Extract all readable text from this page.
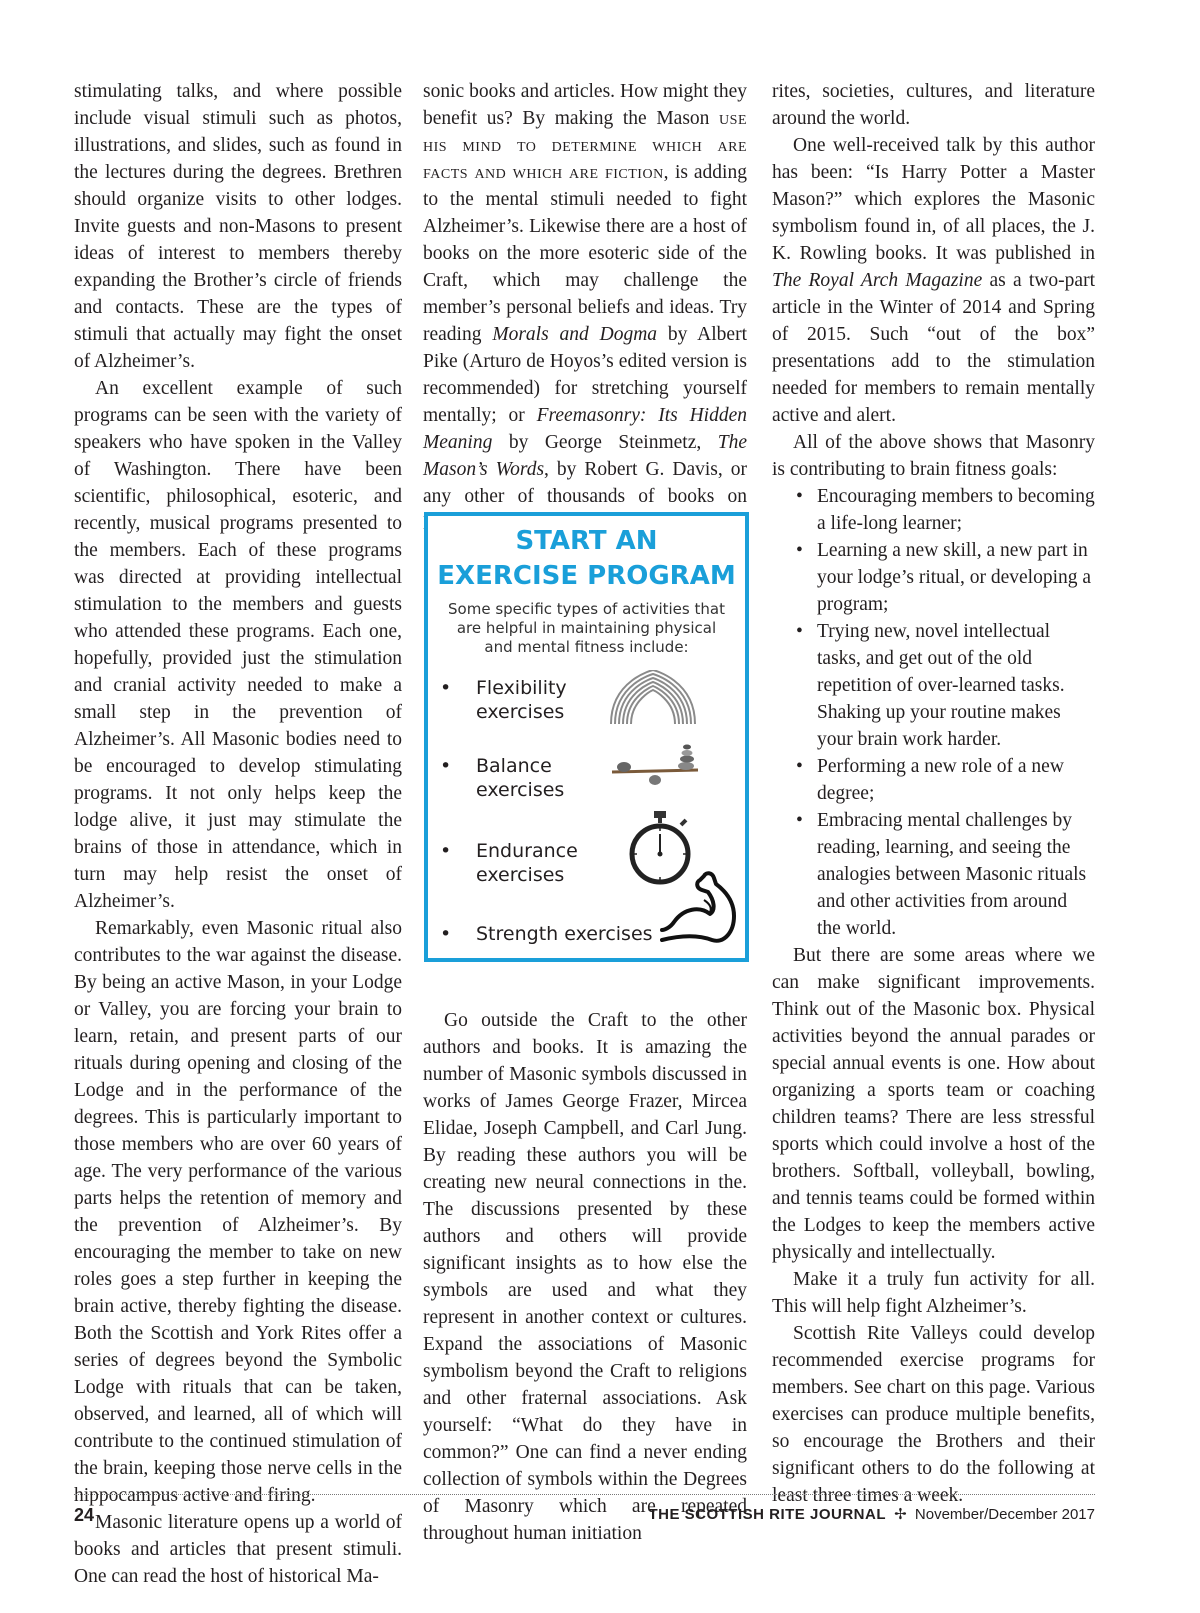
stimulating talks, and where possible include visual stimuli such as photos, illustrations, and slides, such as found in the lectures during the degrees. Brethren should organize visits to other lodges. Invite guests and non-Masons to present ideas of interest to members thereby expanding the Brother’s circle of friends and contacts. These are the types of stimuli that actually may fight the onset of Alzheimer’s.

An excellent example of such programs can be seen with the variety of speakers who have spoken in the Valley of Washington. There have been scientific, philosophical, esoteric, and recently, musical programs presented to the members. Each of these programs was directed at providing intellectual stimulation to the members and guests who attended these programs. Each one, hopefully, provided just the stimulation and cranial activity needed to make a small step in the prevention of Alzheimer’s. All Masonic bodies need to be encouraged to develop stimulating programs. It not only helps keep the lodge alive, it just may stimulate the brains of those in attendance, which in turn may help resist the onset of Alzheimer’s.

Remarkably, even Masonic ritual also contributes to the war against the disease. By being an active Mason, in your Lodge or Valley, you are forcing your brain to learn, retain, and present parts of our rituals during opening and closing of the Lodge and in the performance of the degrees. This is particularly important to those members who are over 60 years of age. The very performance of the various parts helps the retention of memory and the prevention of Alzheimer’s. By encouraging the member to take on new roles goes a step further in keeping the brain active, thereby fighting the disease. Both the Scottish and York Rites offer a series of degrees beyond the Symbolic Lodge with rituals that can be taken, observed, and learned, all of which will contribute to the continued stimulation of the brain, keeping those nerve cells in the hippocampus active and firing.

Masonic literature opens up a world of books and articles that present stimuli. One can read the host of historical Ma-

sonic books and articles. How might they benefit us? By making the Mason use his mind to determine which are facts and which are fiction, is adding to the mental stimuli needed to fight Alzheimer’s. Likewise there are a host of books on the more esoteric side of the Craft, which may challenge the member’s personal beliefs and ideas. Try reading Morals and Dogma by Albert Pike (Arturo de Hoyos’s edited version is recommended) for stretching yourself mentally; or Freemasonry: Its Hidden Meaning by George Steinmetz, The Mason’s Words, by Robert G. Davis, or any other of thousands of books on

Go outside the Craft to the other authors and books. It is amazing the number of Masonic symbols discussed in works of James George Frazer, Mircea Elidae, Joseph Campbell, and Carl Jung. By reading these authors you will be creating new neural connections in the. The discussions presented by these authors and others will provide significant insights as to how else the symbols are used and what they represent in another context or cultures. Expand the associations of Masonic symbolism beyond the Craft to religions and other fraternal associations. Ask yourself: “What do they have in common?” One can find a never ending collection of symbols within the Degrees of Masonry which are repeated throughout human initiation

rites, societies, cultures, and literature around the world.

One well-received talk by this author has been: “Is Harry Potter a Master Mason?” which explores the Masonic symbolism found in, of all places, the J. K. Rowling books. It was published in The Royal Arch Magazine as a two-part article in the Winter of 2014 and Spring of 2015. Such “out of the box” presentations add to the stimulation needed for members to remain mentally active and alert.

All of the above shows that Masonry is contributing to brain fitness goals:

• Encouraging members to becoming a life-long learner;
• Learning a new skill, a new part in your lodge’s ritual, or developing a program;
• Trying new, novel intellectual tasks, and get out of the old repetition of over-learned tasks. Shaking up your routine makes your brain work harder.
• Performing a new role of a new degree;
• Embracing mental challenges by reading, learning, and seeing the analogies between Masonic rituals and other activities from around the world.

But there are some areas where we can make significant improvements. Think out of the Masonic box. Physical activities beyond the annual parades or special annual events is one. How about organizing a sports team or coaching children teams? There are less stressful sports which could involve a host of the brothers. Softball, volleyball, bowling, and tennis teams could be formed within the Lodges to keep the members active physically and intellectually.

Make it a truly fun activity for all. This will help fight Alzheimer’s.

Scottish Rite Valleys could develop recommended exercise programs for members. See chart on this page. Various exercises can produce multiple benefits, so encourage the Brothers and their significant others to do the following at least three times a week.

START AN
EXERCISE PROGRAM
Some specific types of activities that are helpful in maintaining physical and mental fitness include:
• Flexibility exercises
• Balance exercises
• Endurance exercises
• Strength exercises
24	THE SCOTTISH RITE JOURNAL ✢ November/December 2017
